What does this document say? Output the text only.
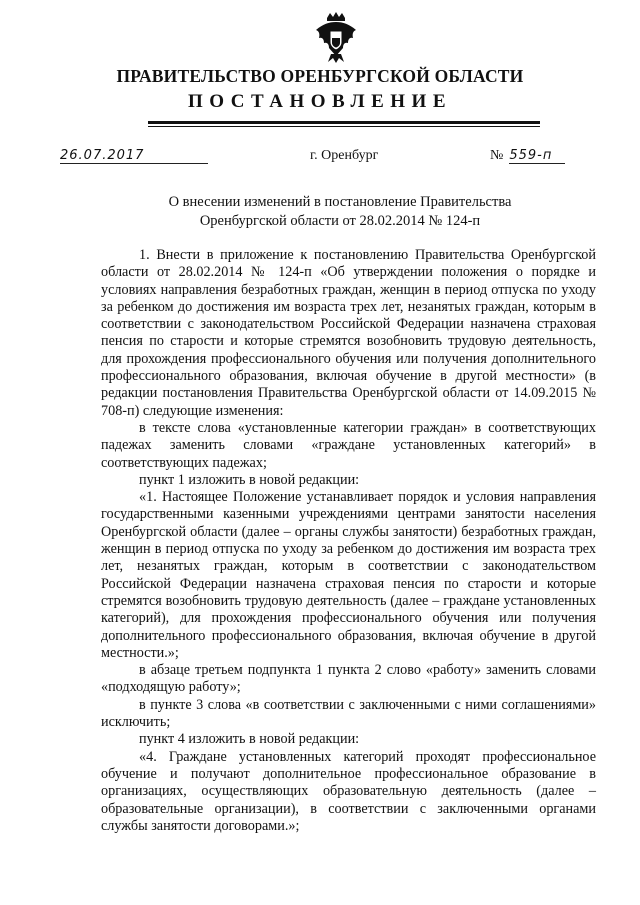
ПРАВИТЕЛЬСТВО ОРЕНБУРГСКОЙ ОБЛАСТИ
ПОСТАНОВЛЕНИЕ
26.07.2017	г. Оренбург	№ 559-п
О внесении изменений в постановление Правительства
Оренбургской области от 28.02.2014 № 124-п

1. Внести в приложение к постановлению Правительства Оренбургской области от 28.02.2014 № 124-п «Об утверждении положения о порядке и условиях направления безработных граждан, женщин в период отпуска по уходу за ребенком до достижения им возраста трех лет, незанятых граждан, которым в соответствии с законодательством Российской Федерации назначена страховая пенсия по старости и которые стремятся возобновить трудовую деятельность, для прохождения профессионального обучения или получения дополнительного профессионального образования, включая обучение в другой местности» (в редакции постановления Правительства Оренбургской области от 14.09.2015 № 708-п) следующие изменения:

в тексте слова «установленные категории граждан» в соответствующих падежах заменить словами «граждане установленных категорий» в соответствующих падежах;

пункт 1 изложить в новой редакции:

«1. Настоящее Положение устанавливает порядок и условия направления государственными казенными учреждениями центрами занятости населения Оренбургской области (далее – органы службы занятости) безработных граждан, женщин в период отпуска по уходу за ребенком до достижения им возраста трех лет, незанятых граждан, которым в соответствии с законодательством Российской Федерации назначена страховая пенсия по старости и которые стремятся возобновить трудовую деятельность (далее – граждане установленных категорий), для прохождения профессионального обучения или получения дополнительного профессионального образования, включая обучение в другой местности.»;

в абзаце третьем подпункта 1 пункта 2 слово «работу» заменить словами «подходящую работу»;

в пункте 3 слова «в соответствии с заключенными с ними соглашениями» исключить;

пункт 4 изложить в новой редакции:

«4. Граждане установленных категорий проходят профессиональное обучение и получают дополнительное профессиональное образование в организациях, осуществляющих образовательную деятельность (далее – образовательные организации), в соответствии с заключенными органами службы занятости договорами.»;
